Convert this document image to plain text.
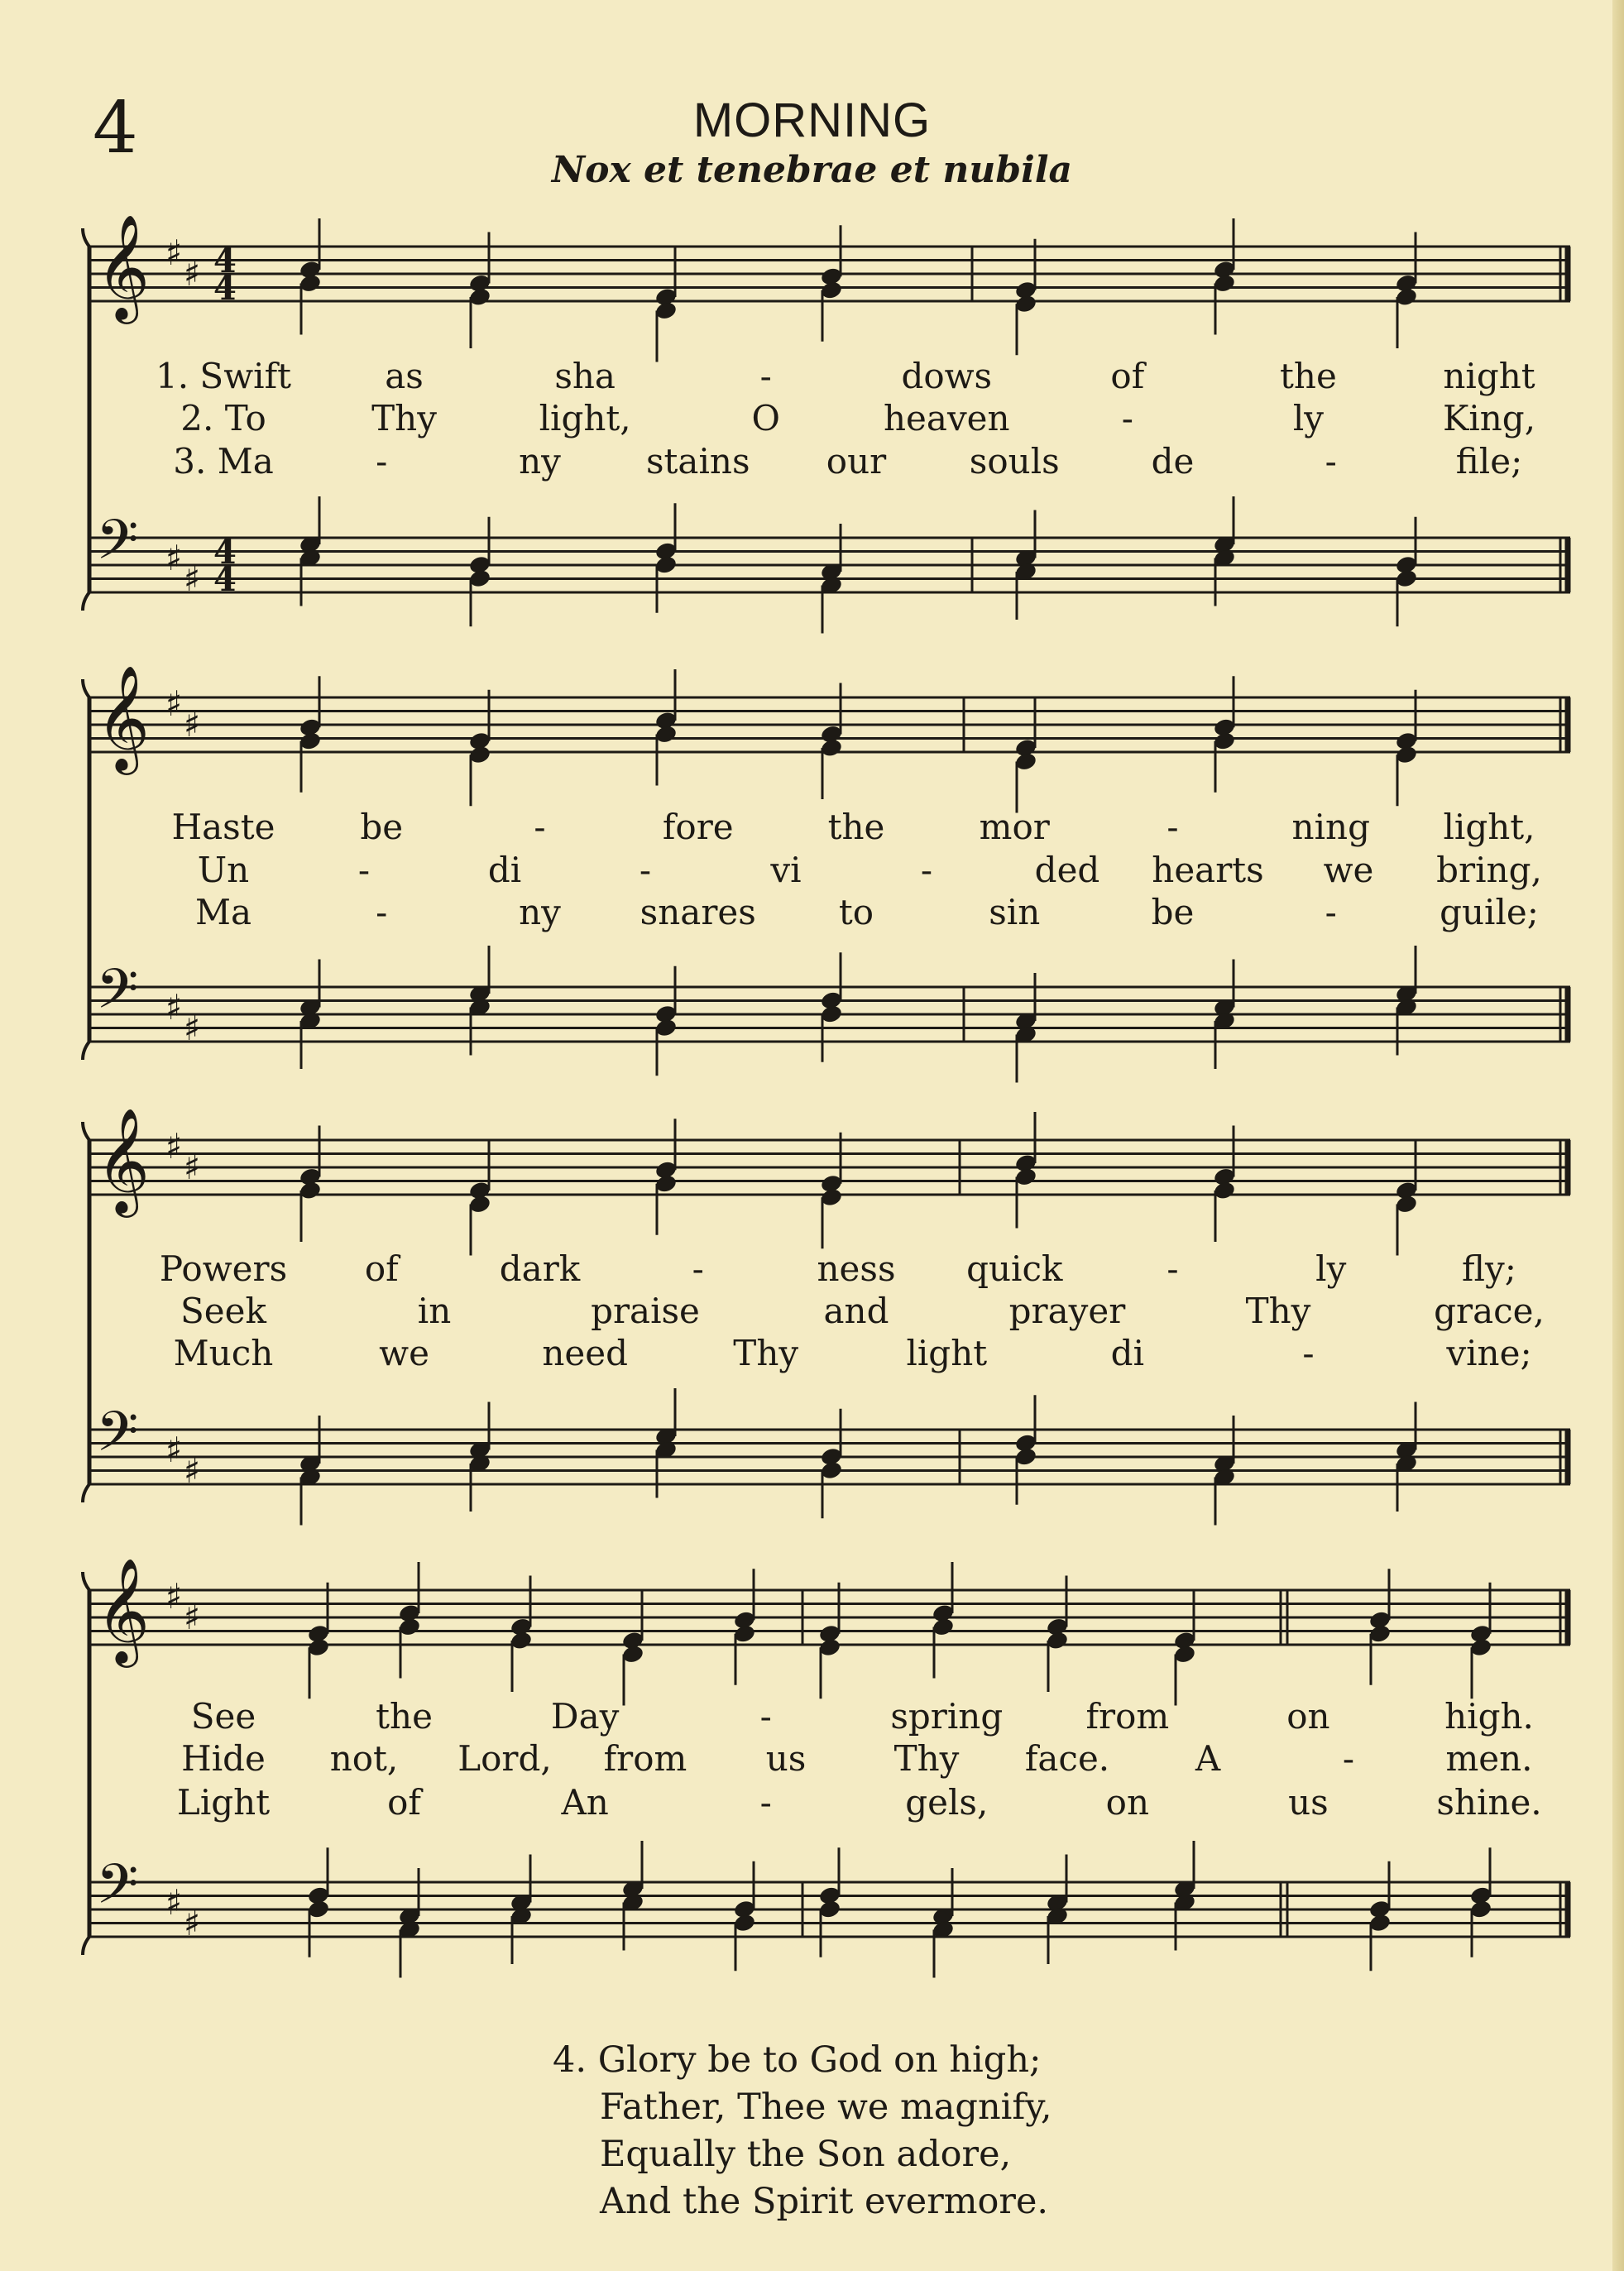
4	MORNING
Nox et tenebrae et nubila
𝄞 ♯
♯ 4
4
𝄢 ♯
♯
4
4
𝄞 ♯
♯
𝄢 ♯
♯
𝄞 ♯
♯
𝄢 ♯
♯
𝄞 ♯
♯
𝄢 ♯
♯
1. Swift	as	sha	-	dows	of	the	night
2. To	Thy	light,	O	heaven	-	ly	King,
3. Ma	-	ny stains our souls	de	-	file;
Haste be	-	fore	the	mor	-	ning light,
Un	-	di	-	vi	-	ded hearts we bring,
Ma	-	ny snares to	sin	be	-	guile;
Powers of	dark	-	ness quick	-	ly	fly;
Seek	in	praise	and	prayer	Thy	grace,
Much	we	need	Thy	light	di	-	vine;
See	the	Day	-	spring from	on	high.
Hide not, Lord, from us	Thy face. A	-	men.
Light	of	An	-	gels,	on	us	shine.
4. Glory be to God on high;
Father, Thee we magnify,
Equally the Son adore,
And the Spirit evermore.
